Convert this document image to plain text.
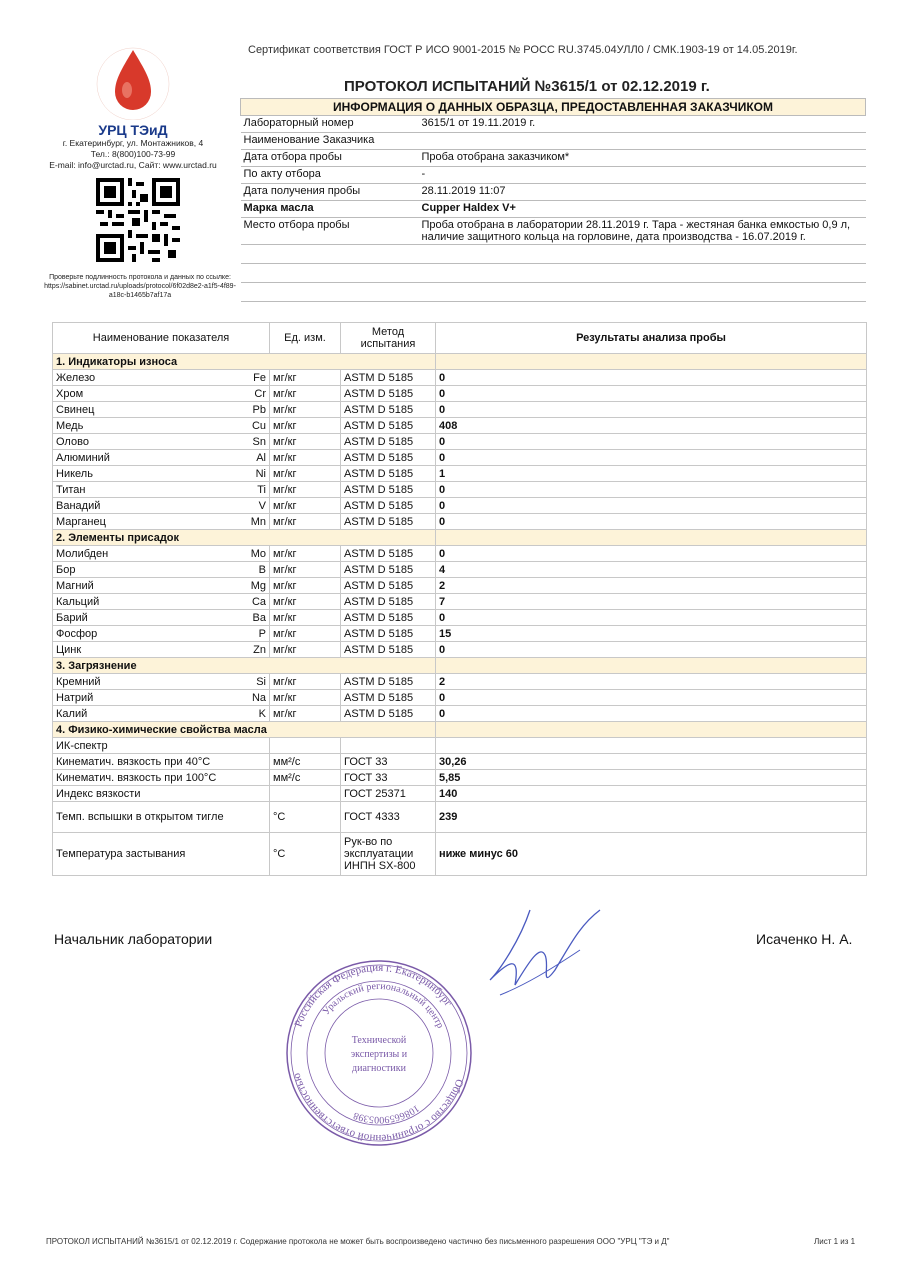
Сертификат соответствия ГОСТ Р ИСО 9001-2015 № РОСС RU.3745.04УЛЛ0 / СМК.1903-19 от 14.05.2019г.
ПРОТОКОЛ ИСПЫТАНИЙ №3615/1 от 02.12.2019 г.
УРЦ ТЭиД
г. Екатеринбург, ул. Монтажников, 4
Тел.: 8(800)100-73-99
E-mail: info@urctad.ru, Сайт: www.urctad.ru
Проверьте подлинность протокола и данных по ссылке:
https://sabinet.urctad.ru/uploads/protocol/6f02d8e2-a1f5-4f89-a18c-b1465b7af17a
ИНФОРМАЦИЯ О ДАННЫХ ОБРАЗЦА, ПРЕДОСТАВЛЕННАЯ ЗАКАЗЧИКОМ	
Лабораторный номер	3615/1 от 19.11.2019 г.
Наименование Заказчика	
Дата отбора пробы	Проба отобрана заказчиком*
По акту отбора	-
Дата получения пробы	28.11.2019 11:07
Марка масла	Cupper Haldex V+
Место отбора пробы	Проба отобрана в лаборатории 28.11.2019 г. Тара - жестяная банка емкостью 0,9 л, наличие защитного кольца на горловине, дата производства - 16.07.2019 г.

Наименование показателя		Ед. изм.	Метод испытания	Результаты анализа пробы
1. Индикаторы износа				
Железо	Fe	мг/кг	ASTM D 5185	0
Хром	Cr	мг/кг	ASTM D 5185	0
Свинец	Pb	мг/кг	ASTM D 5185	0
Медь	Cu	мг/кг	ASTM D 5185	408
Олово	Sn	мг/кг	ASTM D 5185	0
Алюминий	Al	мг/кг	ASTM D 5185	0
Никель	Ni	мг/кг	ASTM D 5185	1
Титан	Ti	мг/кг	ASTM D 5185	0
Ванадий	V	мг/кг	ASTM D 5185	0
Марганец	Mn	мг/кг	ASTM D 5185	0
2. Элементы присадок				
Молибден	Mo	мг/кг	ASTM D 5185	0
Бор	B	мг/кг	ASTM D 5185	4
Магний	Mg	мг/кг	ASTM D 5185	2
Кальций	Ca	мг/кг	ASTM D 5185	7
Барий	Ba	мг/кг	ASTM D 5185	0
Фосфор	P	мг/кг	ASTM D 5185	15
Цинк	Zn	мг/кг	ASTM D 5185	0
3. Загрязнение				
Кремний	Si	мг/кг	ASTM D 5185	2
Натрий	Na	мг/кг	ASTM D 5185	0
Калий	K	мг/кг	ASTM D 5185	0
4. Физико-химические свойства масла				
ИК-спектр				
Кинематич. вязкость при 40°С		мм²/с	ГОСТ 33	30,26
Кинематич. вязкость при 100°С		мм²/с	ГОСТ 33	5,85
Индекс вязкости			ГОСТ 25371	140
Темп. вспышки в открытом тигле		°С	ГОСТ 4333	239
Температура застывания		°С	Рук-во по эксплуатации ИНПН SX-800	ниже минус 60
Начальник лаборатории	Исаченко Н. А.
Российская Федерация г. Екатеринбург
Общество с ограниченной ответственностью
Уральский региональный центр
1086659005398
Технической
экспертизы и
диагностики
ПРОТОКОЛ ИСПЫТАНИЙ №3615/1 от 02.12.2019 г. Содержание протокола не может быть воспроизведено частично без письменного разрешения ООО "УРЦ "ТЭ и Д"	Лист 1 из 1
